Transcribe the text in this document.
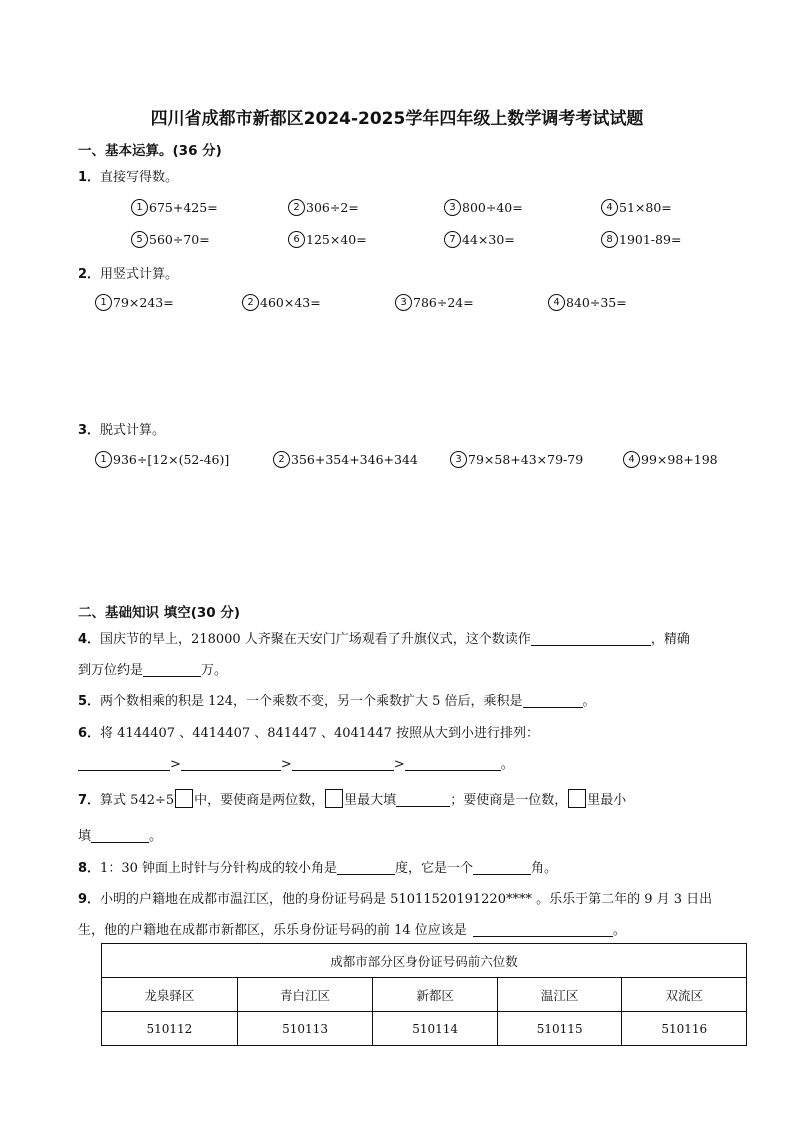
四川省成都市新都区2024-2025学年四年级上数学调考考试试题
一、基本运算。(36 分)
1．直接写得数。
1 675+425=	2 306÷2=	3 800÷40=	4 51×80=
5 560÷70=	6 125×40=	7 44×30=	8 1901-89=
2．用竖式计算。
1 79×243=	2 460×43=	3 786÷24=	4 840÷35=
3．脱式计算。
1 936÷[12×(52-46)]	2 356+354+346+344	3 79×58+43×79-79	4 99×98+198
二、基础知识 填空(30 分)
4．国庆节的早上，218000 人齐聚在天安门广场观看了升旗仪式，这个数读作	，精确
到万位约是	万。
5．两个数相乘的积是 124，一个乘数不变，另一个乘数扩大 5 倍后，乘积是	。
6．将 4144407 、4414407 、841447 、4041447 按照从大到小进行排列：
>	>	>	。
7．算式 542÷5 中，要使商是两位数， 里最大填	；要使商是一位数， 里最小
填	。
8．1：30 钟面上时针与分针构成的较小角是	度，它是一个	角。
9．小明的户籍地在成都市温江区，他的身份证号码是 51011520191220**** 。乐乐于第二年的 9 月 3 日出
生，他的户籍地在成都市新都区，乐乐身份证号码的前 14 位应该是	。
成都市部分区身份证号码前六位数				
龙泉驿区	青白江区	新都区	温江区	双流区
510112	510113	510114	510115	510116
